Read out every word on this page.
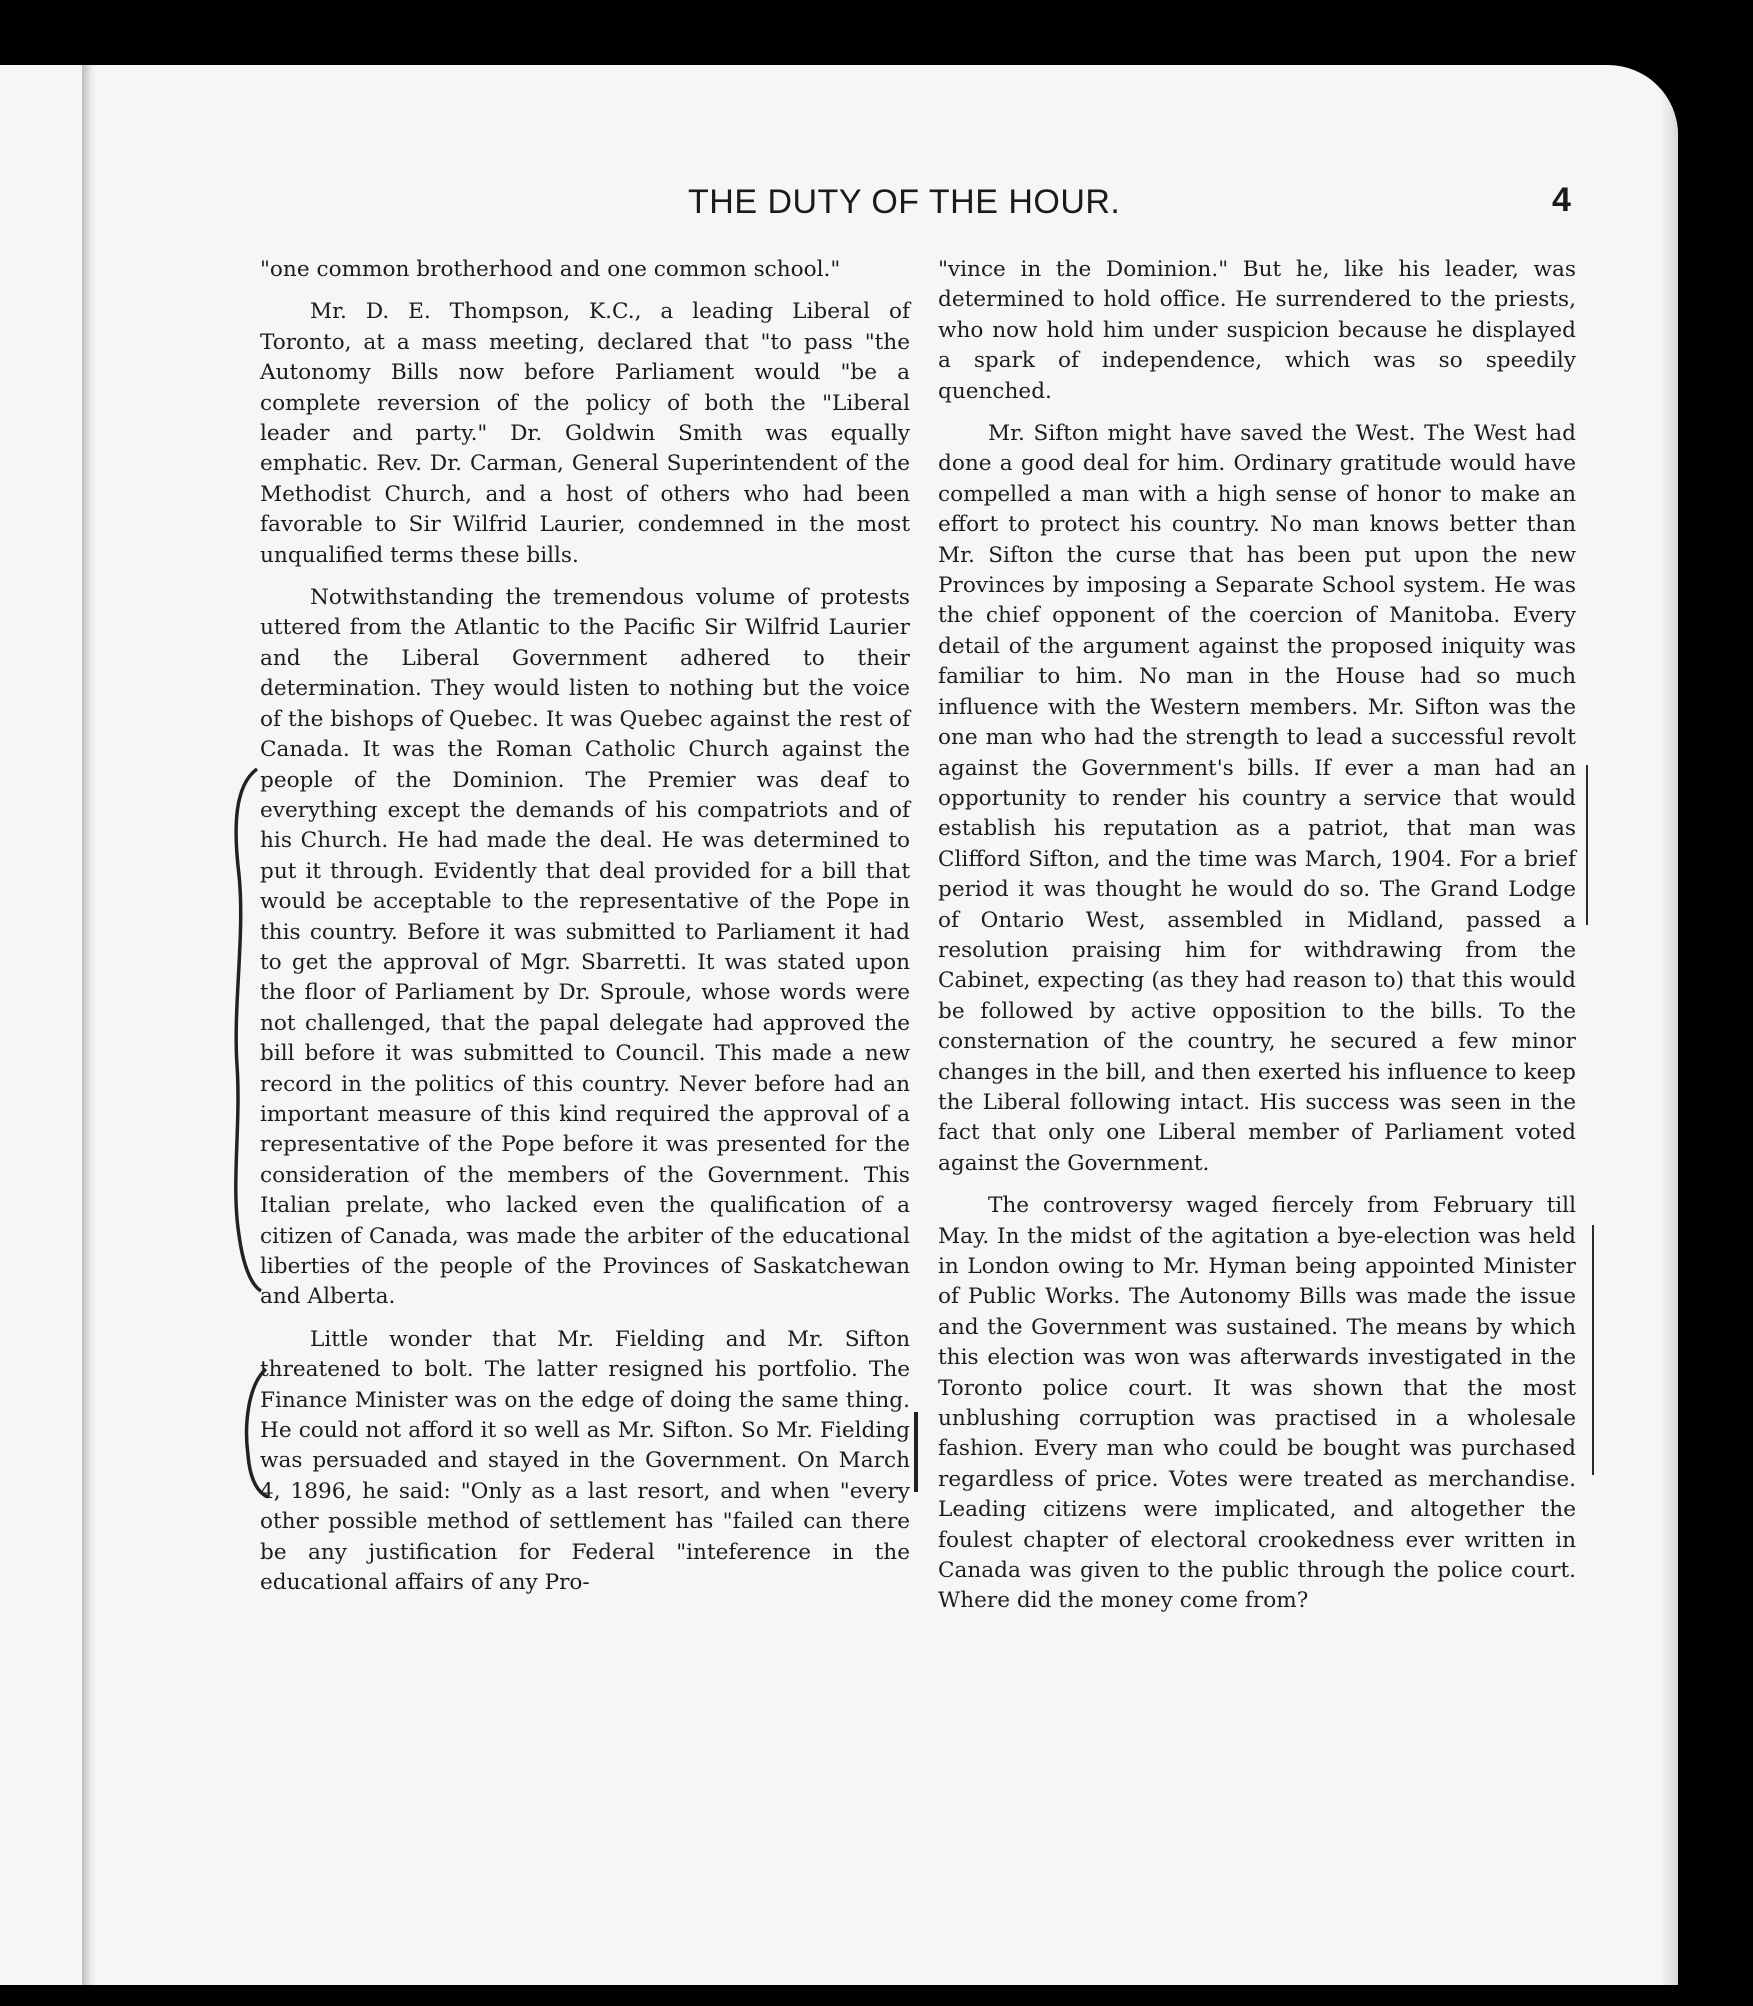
THE DUTY OF THE HOUR.	4

"one common brotherhood and one common school."

Mr. D. E. Thompson, K.C., a leading Liberal of Toronto, at a mass meeting, declared that "to pass "the Autonomy Bills now before Parliament would "be a complete reversion of the policy of both the "Liberal leader and party." Dr. Goldwin Smith was equally emphatic. Rev. Dr. Carman, General Superintendent of the Methodist Church, and a host of others who had been favorable to Sir Wilfrid Laurier, condemned in the most unqualified terms these bills.

Notwithstanding the tremendous volume of protests uttered from the Atlantic to the Pacific Sir Wilfrid Laurier and the Liberal Government adhered to their determination. They would listen to nothing but the voice of the bishops of Quebec. It was Quebec against the rest of Canada. It was the Roman Catholic Church against the people of the Dominion. The Premier was deaf to everything except the demands of his compatriots and of his Church. He had made the deal. He was determined to put it through. Evidently that deal provided for a bill that would be acceptable to the representative of the Pope in this country. Before it was submitted to Parliament it had to get the approval of Mgr. Sbarretti. It was stated upon the floor of Parliament by Dr. Sproule, whose words were not challenged, that the papal delegate had approved the bill before it was submitted to Council. This made a new record in the politics of this country. Never before had an important measure of this kind required the approval of a representative of the Pope before it was presented for the consideration of the members of the Government. This Italian prelate, who lacked even the qualification of a citizen of Canada, was made the arbiter of the educational liberties of the people of the Provinces of Saskatchewan and Alberta.

Little wonder that Mr. Fielding and Mr. Sifton threatened to bolt. The latter resigned his portfolio. The Finance Minister was on the edge of doing the same thing. He could not afford it so well as Mr. Sifton. So Mr. Fielding was persuaded and stayed in the Government. On March 4, 1896, he said: "Only as a last resort, and when "every other possible method of settlement has "failed can there be any justification for Federal "inteference in the educational affairs of any Pro-

"vince in the Dominion." But he, like his leader, was determined to hold office. He surrendered to the priests, who now hold him under suspicion because he displayed a spark of independence, which was so speedily quenched.

Mr. Sifton might have saved the West. The West had done a good deal for him. Ordinary gratitude would have compelled a man with a high sense of honor to make an effort to protect his country. No man knows better than Mr. Sifton the curse that has been put upon the new Provinces by imposing a Separate School system. He was the chief opponent of the coercion of Manitoba. Every detail of the argument against the proposed iniquity was familiar to him. No man in the House had so much influence with the Western members. Mr. Sifton was the one man who had the strength to lead a successful revolt against the Government's bills. If ever a man had an opportunity to render his country a service that would establish his reputation as a patriot, that man was Clifford Sifton, and the time was March, 1904. For a brief period it was thought he would do so. The Grand Lodge of Ontario West, assembled in Midland, passed a resolution praising him for withdrawing from the Cabinet, expecting (as they had reason to) that this would be followed by active opposition to the bills. To the consternation of the country, he secured a few minor changes in the bill, and then exerted his influence to keep the Liberal following intact. His success was seen in the fact that only one Liberal member of Parliament voted against the Government.

The controversy waged fiercely from February till May. In the midst of the agitation a bye-election was held in London owing to Mr. Hyman being appointed Minister of Public Works. The Autonomy Bills was made the issue and the Government was sustained. The means by which this election was won was afterwards investigated in the Toronto police court. It was shown that the most unblushing corruption was practised in a wholesale fashion. Every man who could be bought was purchased regardless of price. Votes were treated as merchandise. Leading citizens were implicated, and altogether the foulest chapter of electoral crookedness ever written in Canada was given to the public through the police court. Where did the money come from?
